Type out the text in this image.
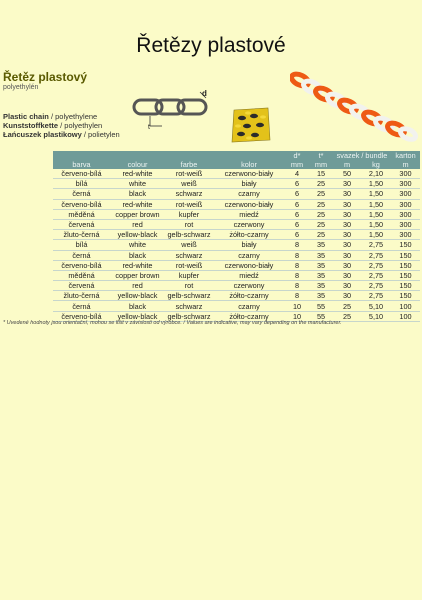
Řetězy plastové
Řetěz plastový
polyethylén
Plastic chain / polyethylene
Kunststoffkette / polyethylen
Łańcuszek plastikowy / polietylen
d
t
				d*	t*	svazek / bundle		karton
barva	colour	farbe	kolor	mm	mm	m	kg	m
červeno-bílá	red-white	rot-weiß	czerwono-biały	4	15	50	2,10	300
bílá	white	weiß	biały	6	25	30	1,50	300
černá	black	schwarz	czarny	6	25	30	1,50	300
červeno-bílá	red-white	rot-weiß	czerwono-biały	6	25	30	1,50	300
měděná	copper brown	kupfer	miedź	6	25	30	1,50	300
červená	red	rot	czerwony	6	25	30	1,50	300
žluto-černá	yellow-black	gelb-schwarz	żółto-czarny	6	25	30	1,50	300
bílá	white	weiß	biały	8	35	30	2,75	150
černá	black	schwarz	czarny	8	35	30	2,75	150
červeno-bílá	red-white	rot-weiß	czerwono-biały	8	35	30	2,75	150
měděná	copper brown	kupfer	miedź	8	35	30	2,75	150
červená	red	rot	czerwony	8	35	30	2,75	150
žluto-černá	yellow-black	gelb-schwarz	żółto-czarny	8	35	30	2,75	150
černá	black	schwarz	czarny	10	55	25	5,10	100
červeno-bílá	yellow-black	gelb-schwarz	żółto-czarny	10	55	25	5,10	100
* Uvedené hodnoty jsou orientační, mohou se lišit v závislosti od výrobce. / Values are indicative, may vary depending on the manufacturer.
